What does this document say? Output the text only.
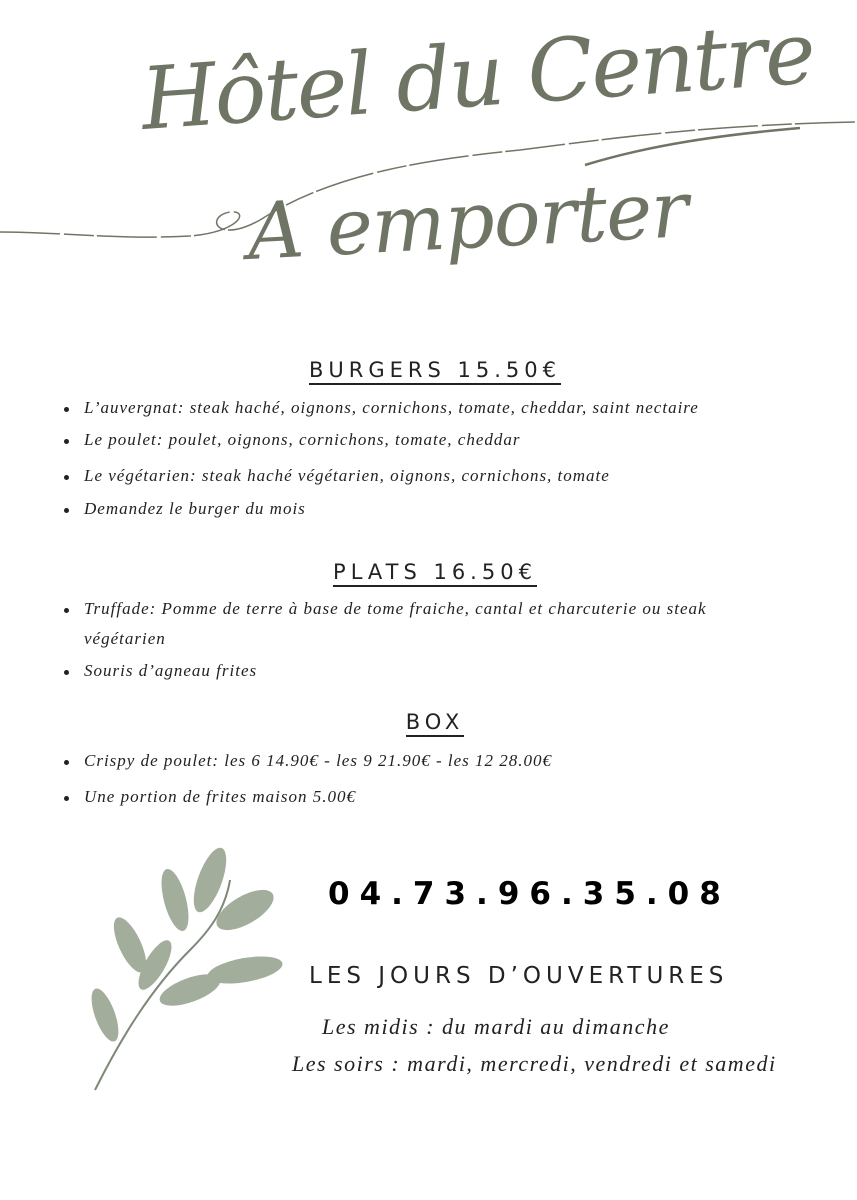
Hôtel du Centre
A emporter
BURGERS 15.50€
L’auvergnat: steak haché, oignons, cornichons, tomate, cheddar, saint nectaire
Le poulet: poulet, oignons, cornichons, tomate, cheddar
Le végétarien: steak haché végétarien, oignons, cornichons, tomate
Demandez le burger du mois
PLATS 16.50€
Truffade: Pomme de terre à base de tome fraiche, cantal et charcuterie ou steak
végétarien
Souris d’agneau frites
BOX
Crispy de poulet: les 6 14.90€ - les 9 21.90€ - les 12 28.00€
Une portion de frites maison 5.00€
04.73.96.35.08
LES JOURS D’OUVERTURES
Les midis : du mardi au dimanche
Les soirs : mardi, mercredi, vendredi et samedi
